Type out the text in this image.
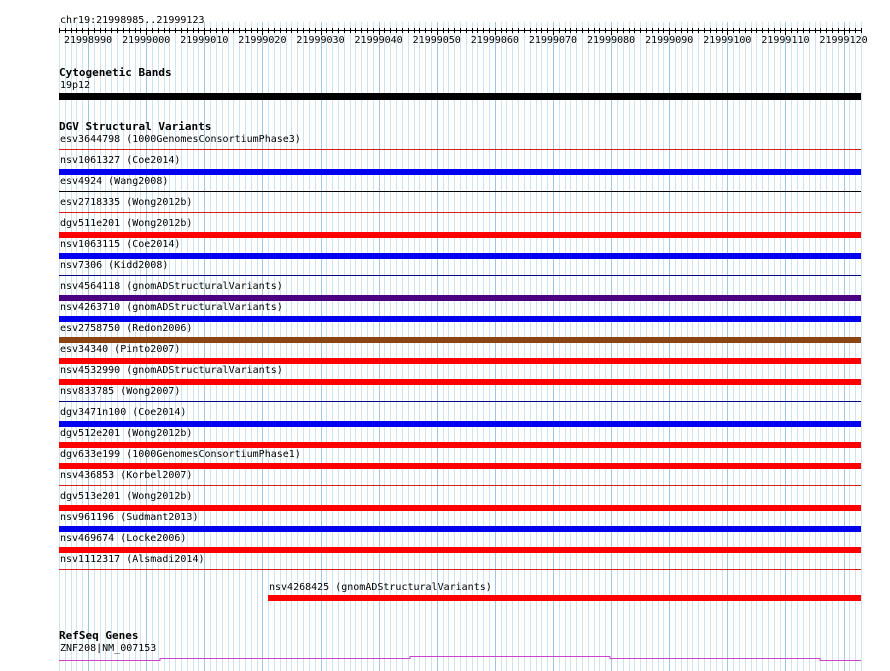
chr19:21998985..21999123
21998990 21999000 21999010 21999020 21999030 21999040 21999050 21999060 21999070 21999080 21999090 21999100 21999110 21999120
Cytogenetic Bands
19p12
DGV Structural Variants
esv3644798 (1000GenomesConsortiumPhase3)
nsv1061327 (Coe2014)
esv4924 (Wang2008)
esv2718335 (Wong2012b)
dgv511e201 (Wong2012b)
nsv1063115 (Coe2014)
nsv7306 (Kidd2008)
nsv4564118 (gnomADStructuralVariants)
nsv4263710 (gnomADStructuralVariants)
esv2758750 (Redon2006)
esv34340 (Pinto2007)
nsv4532990 (gnomADStructuralVariants)
nsv833785 (Wong2007)
dgv3471n100 (Coe2014)
dgv512e201 (Wong2012b)
dgv633e199 (1000GenomesConsortiumPhase1)
nsv436853 (Korbel2007)
dgv513e201 (Wong2012b)
nsv961196 (Sudmant2013)
nsv469674 (Locke2006)
nsv1112317 (Alsmadi2014)
nsv4268425 (gnomADStructuralVariants)
RefSeq Genes
ZNF208|NM_007153
